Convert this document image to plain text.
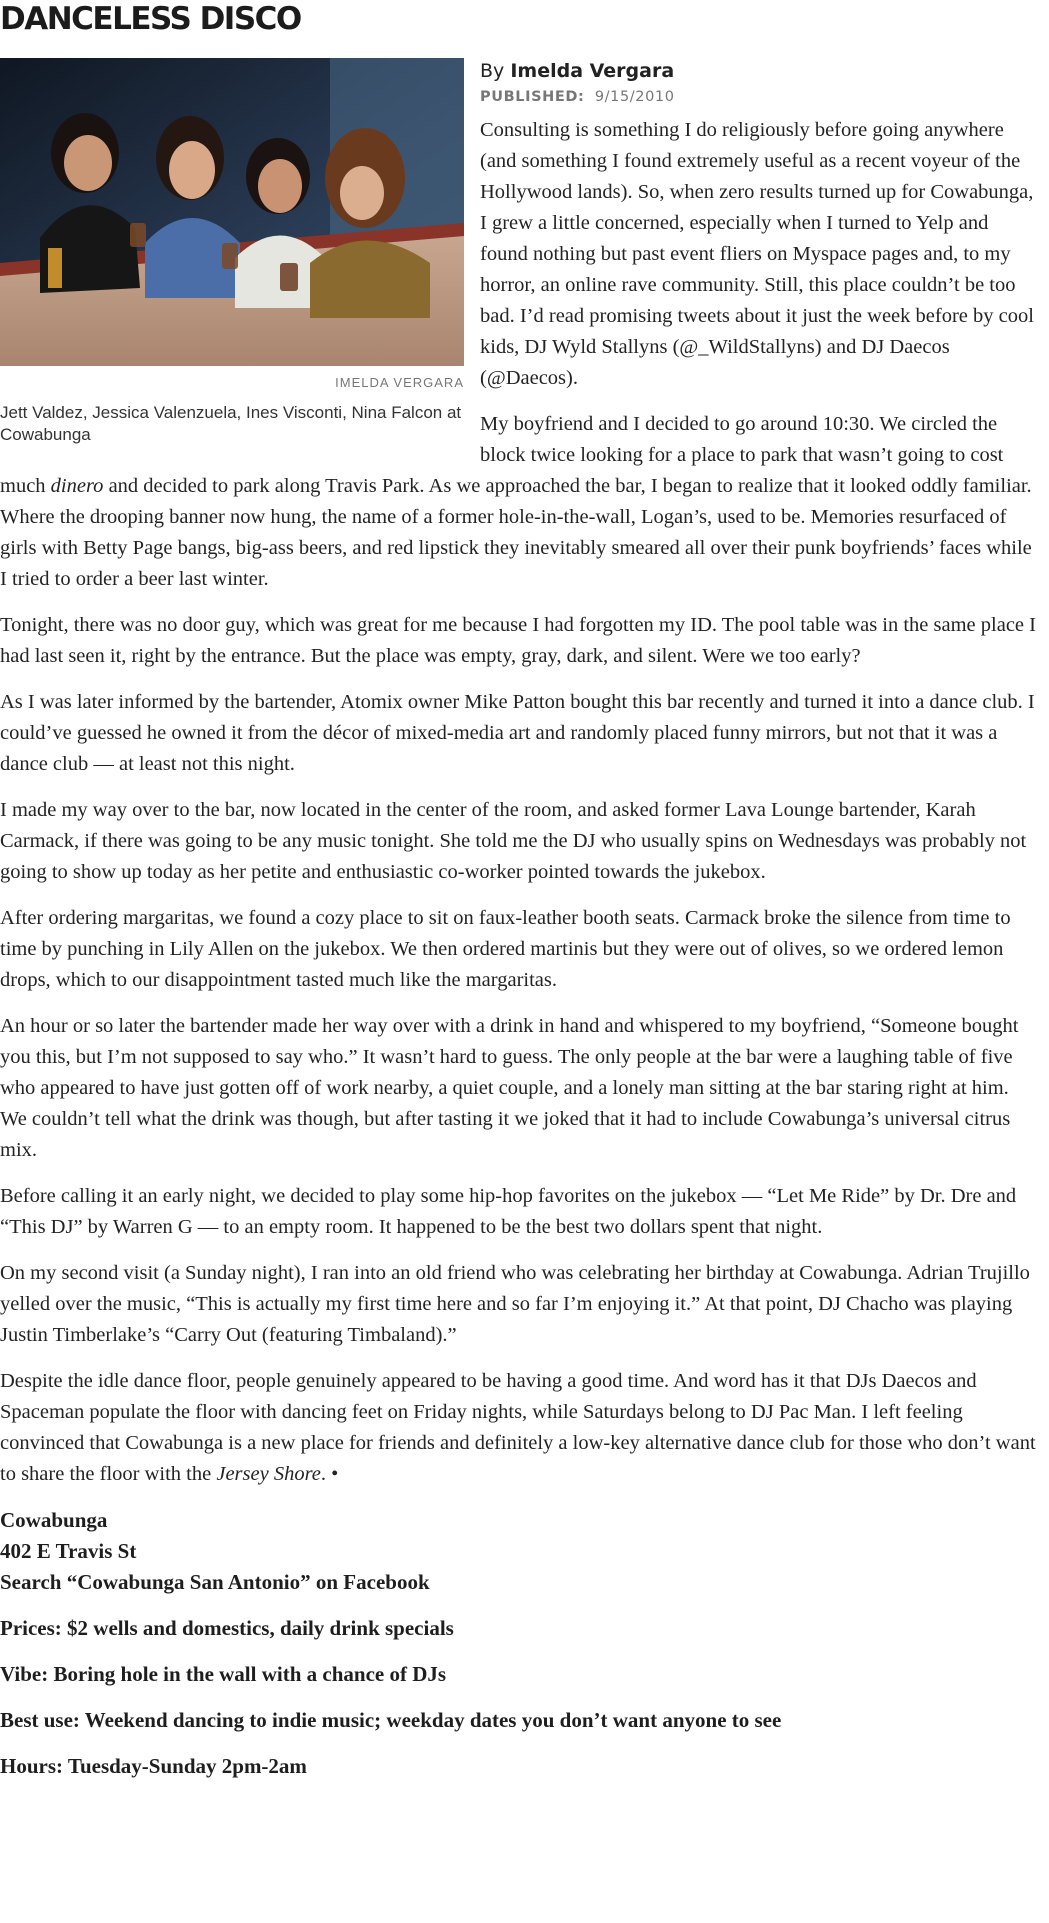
DANCELESS DISCO
IMELDA VERGARA
Jett Valdez, Jessica Valenzuela, Ines Visconti, Nina Falcon at Cowabunga
By Imelda Vergara
PUBLISHED: 9/15/2010

Consulting is something I do religiously before going anywhere (and something I found extremely useful as a recent voyeur of the Hollywood lands). So, when zero results turned up for Cowabunga, I grew a little concerned, especially when I turned to Yelp and found nothing but past event fliers on Myspace pages and, to my horror, an online rave community. Still, this place couldn’t be too bad. I’d read promising tweets about it just the week before by cool kids, DJ Wyld Stallyns (@_WildStallyns) and DJ Daecos (@Daecos).

My boyfriend and I decided to go around 10:30. We circled the block twice looking for a place to park that wasn’t going to cost much dinero and decided to park along Travis Park. As we approached the bar, I began to realize that it looked oddly familiar. Where the drooping banner now hung, the name of a former hole-in-the-wall, Logan’s, used to be. Memories resurfaced of girls with Betty Page bangs, big-ass beers, and red lipstick they inevitably smeared all over their punk boyfriends’ faces while I tried to order a beer last winter.

Tonight, there was no door guy, which was great for me because I had forgotten my ID. The pool table was in the same place I had last seen it, right by the entrance. But the place was empty, gray, dark, and silent. Were we too early?

As I was later informed by the bartender, Atomix owner Mike Patton bought this bar recently and turned it into a dance club. I could’ve guessed he owned it from the décor of mixed-media art and randomly placed funny mirrors, but not that it was a dance club — at least not this night.

I made my way over to the bar, now located in the center of the room, and asked former Lava Lounge bartender, Karah Carmack, if there was going to be any music tonight. She told me the DJ who usually spins on Wednesdays was probably not going to show up today as her petite and enthusiastic co-worker pointed towards the jukebox.

After ordering margaritas, we found a cozy place to sit on faux-leather booth seats. Carmack broke the silence from time to time by punching in Lily Allen on the jukebox. We then ordered martinis but they were out of olives, so we ordered lemon drops, which to our disappointment tasted much like the margaritas.

An hour or so later the bartender made her way over with a drink in hand and whispered to my boyfriend, “Someone bought you this, but I’m not supposed to say who.” It wasn’t hard to guess. The only people at the bar were a laughing table of five who appeared to have just gotten off of work nearby, a quiet couple, and a lonely man sitting at the bar staring right at him. We couldn’t tell what the drink was though, but after tasting it we joked that it had to include Cowabunga’s universal citrus mix.

Before calling it an early night, we decided to play some hip-hop favorites on the jukebox — “Let Me Ride” by Dr. Dre and “This DJ” by Warren G — to an empty room. It happened to be the best two dollars spent that night.

On my second visit (a Sunday night), I ran into an old friend who was celebrating her birthday at Cowabunga. Adrian Trujillo yelled over the music, “This is actually my first time here and so far I’m enjoying it.” At that point, DJ Chacho was playing Justin Timberlake’s “Carry Out (featuring Timbaland).”

Despite the idle dance floor, people genuinely appeared to be having a good time. And word has it that DJs Daecos and Spaceman populate the floor with dancing feet on Friday nights, while Saturdays belong to DJ Pac Man. I left feeling convinced that Cowabunga is a new place for friends and definitely a low-key alternative dance club for those who don’t want to share the floor with the Jersey Shore. •

Cowabunga
402 E Travis St
Search “Cowabunga San Antonio” on Facebook
Prices: $2 wells and domestics, daily drink specials
Vibe: Boring hole in the wall with a chance of DJs
Best use: Weekend dancing to indie music; weekday dates you don’t want anyone to see
Hours: Tuesday-Sunday 2pm-2am
